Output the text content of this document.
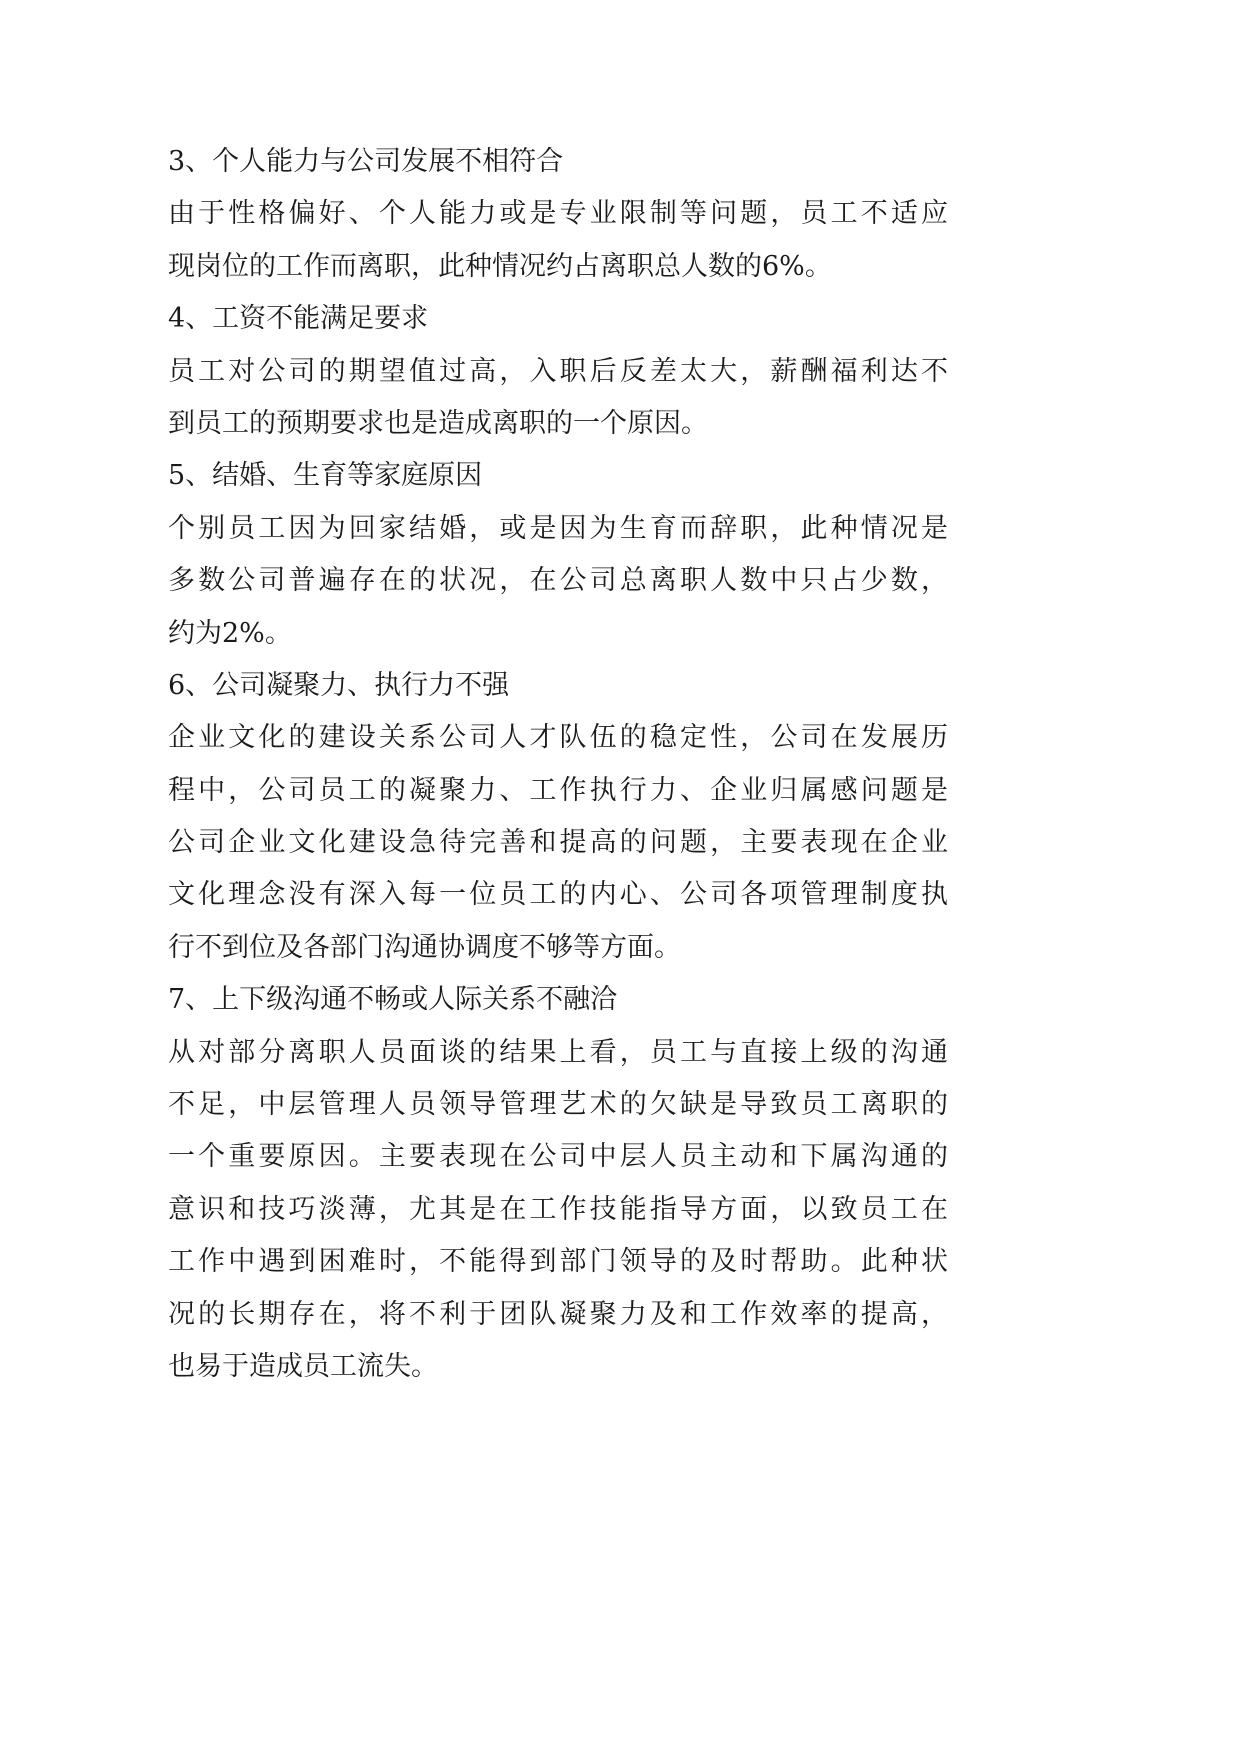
3、个人能力与公司发展不相符合
由于性格偏好、个人能力或是专业限制等问题，员工不适应
现岗位的工作而离职，此种情况约占离职总人数的6%。
4、工资不能满足要求
员工对公司的期望值过高，入职后反差太大，薪酬福利达不
到员工的预期要求也是造成离职的一个原因。
5、结婚、生育等家庭原因
个别员工因为回家结婚，或是因为生育而辞职，此种情况是
多数公司普遍存在的状况，在公司总离职人数中只占少数，
约为2%。
6、公司凝聚力、执行力不强
企业文化的建设关系公司人才队伍的稳定性，公司在发展历
程中，公司员工的凝聚力、工作执行力、企业归属感问题是
公司企业文化建设急待完善和提高的问题，主要表现在企业
文化理念没有深入每一位员工的内心、公司各项管理制度执
行不到位及各部门沟通协调度不够等方面。
7、上下级沟通不畅或人际关系不融洽
从对部分离职人员面谈的结果上看，员工与直接上级的沟通
不足，中层管理人员领导管理艺术的欠缺是导致员工离职的
一个重要原因。主要表现在公司中层人员主动和下属沟通的
意识和技巧淡薄，尤其是在工作技能指导方面，以致员工在
工作中遇到困难时，不能得到部门领导的及时帮助。此种状
况的长期存在，将不利于团队凝聚力及和工作效率的提高，
也易于造成员工流失。
